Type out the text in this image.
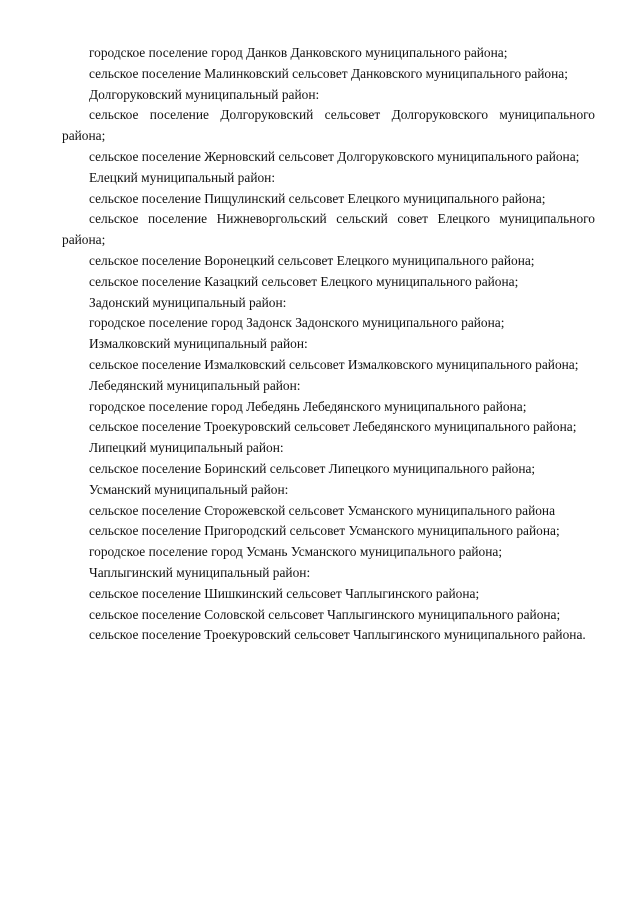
городское поселение город Данков Данковского муниципального района;

сельское поселение Малинковский сельсовет Данковского муниципального района;

Долгоруковский муниципальный район:

сельское поселение Долгоруковский сельсовет Долгоруковского муниципального района;

сельское поселение Жерновский сельсовет Долгоруковского муниципального района;

Елецкий муниципальный район:

сельское поселение Пищулинский сельсовет Елецкого муниципального района;

сельское поселение Нижневоргольский сельский совет Елецкого муниципального района;

сельское поселение Воронецкий сельсовет Елецкого муниципального района;

сельское поселение Казацкий сельсовет Елецкого муниципального района;

Задонский муниципальный район:

городское поселение город Задонск Задонского муниципального района;

Измалковский муниципальный район:

сельское поселение Измалковский сельсовет Измалковского муниципального района;

Лебедянский муниципальный район:

городское поселение город Лебедянь Лебедянского муниципального района;

сельское поселение Троекуровский сельсовет Лебедянского муниципального района;

Липецкий муниципальный район:

сельское поселение Боринский сельсовет Липецкого муниципального района;

Усманский муниципальный район:

сельское поселение Сторожевской сельсовет Усманского муниципального района

сельское поселение Пригородский сельсовет Усманского муниципального района;

городское поселение город Усмань Усманского муниципального района;

Чаплыгинский муниципальный район:

сельское поселение Шишкинский сельсовет Чаплыгинского района;

сельское поселение Соловской сельсовет Чаплыгинского муниципального района;

сельское поселение Троекуровский сельсовет Чаплыгинского муниципального района.
